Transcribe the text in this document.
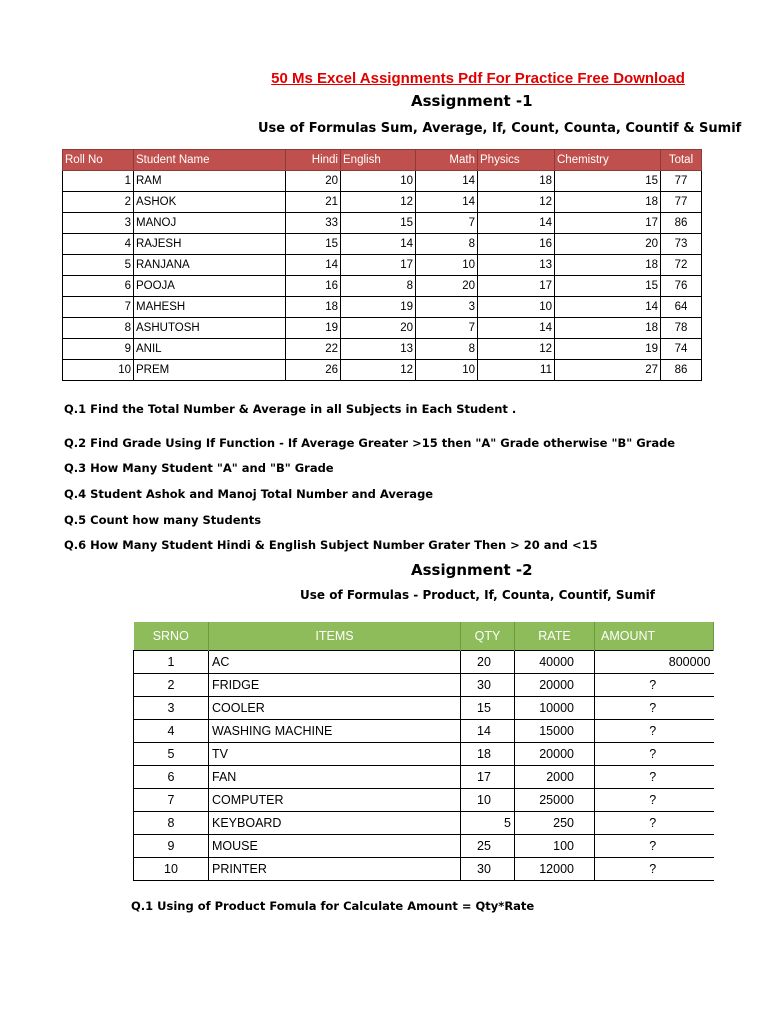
50 Ms Excel Assignments Pdf For Practice Free Download
Assignment -1
Use of Formulas Sum, Average, If, Count, Counta, Countif & Sumif
Roll No	Student Name	Hindi	English	Math	Physics	Chemistry	Total
1	RAM	20	10	14	18	15	77
2	ASHOK	21	12	14	12	18	77
3	MANOJ	33	15	7	14	17	86
4	RAJESH	15	14	8	16	20	73
5	RANJANA	14	17	10	13	18	72
6	POOJA	16	8	20	17	15	76
7	MAHESH	18	19	3	10	14	64
8	ASHUTOSH	19	20	7	14	18	78
9	ANIL	22	13	8	12	19	74
10	PREM	26	12	10	11	27	86
Q.1 Find the Total Number & Average in all Subjects in Each Student .
Q.2 Find Grade Using If Function - If Average Greater >15 then "A" Grade otherwise "B" Grade
Q.3 How Many Student "A" and "B" Grade
Q.4 Student Ashok and Manoj Total Number and Average
Q.5 Count how many Students
Q.6 How Many Student Hindi & English Subject Number Grater Then > 20 and <15
Assignment -2
Use of Formulas - Product, If, Counta, Countif, Sumif
SRNO	ITEMS	QTY	RATE	AMOUNT
1	AC	20	40000	800000
2	FRIDGE	30	20000	?
3	COOLER	15	10000	?
4	WASHING MACHINE	14	15000	?
5	TV	18	20000	?
6	FAN	17	2000	?
7	COMPUTER	10	25000	?
8	KEYBOARD	5	250	?
9	MOUSE	25	100	?
10	PRINTER	30	12000	?
Q.1 Using of Product Fomula for Calculate Amount = Qty*Rate
